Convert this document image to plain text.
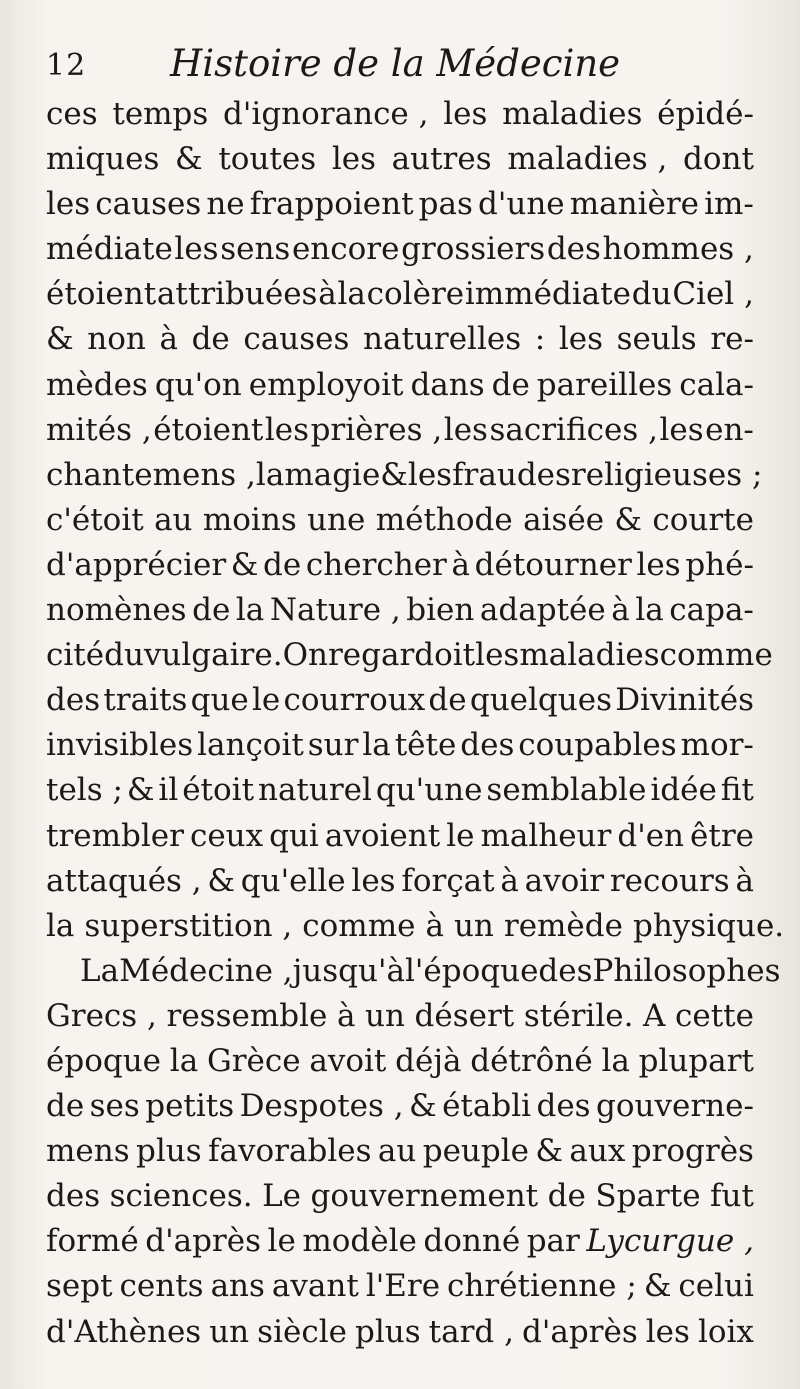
12 Histoire de la Médecine
ces temps d'ignorance , les maladies épidé-
miques & toutes les autres maladies , dont
les causes ne frappoient pas d'une manière im-
médiate les sens encore grossiers des hommes ,
étoient attribuées à la colère immédiate du Ciel ,
& non à de causes naturelles : les seuls re-
mèdes qu'on employoit dans de pareilles cala-
mités , étoient les prières , les sacrifices , les en-
chantemens , la magie & les fraudes religieuses ;
c'étoit au moins une méthode aisée & courte
d'apprécier & de chercher à détourner les phé-
nomènes de la Nature , bien adaptée à la capa-
cité du vulgaire. On regardoit les maladies comme
des traits que le courroux de quelques Divinités
invisibles lançoit sur la tête des coupables mor-
tels ; & il étoit naturel qu'une semblable idée fit
trembler ceux qui avoient le malheur d'en être
attaqués , & qu'elle les forçat à avoir recours à
la superstition , comme à un remède physique.
La Médecine , jusqu'à l'époque des Philosophes
Grecs , ressemble à un désert stérile. A cette
époque la Grèce avoit déjà détrôné la plupart
de ses petits Despotes , & établi des gouverne-
mens plus favorables au peuple & aux progrès
des sciences. Le gouvernement de Sparte fut
formé d'après le modèle donné par Lycurgue ,
sept cents ans avant l'Ere chrétienne ; & celui
d'Athènes un siècle plus tard , d'après les loix
